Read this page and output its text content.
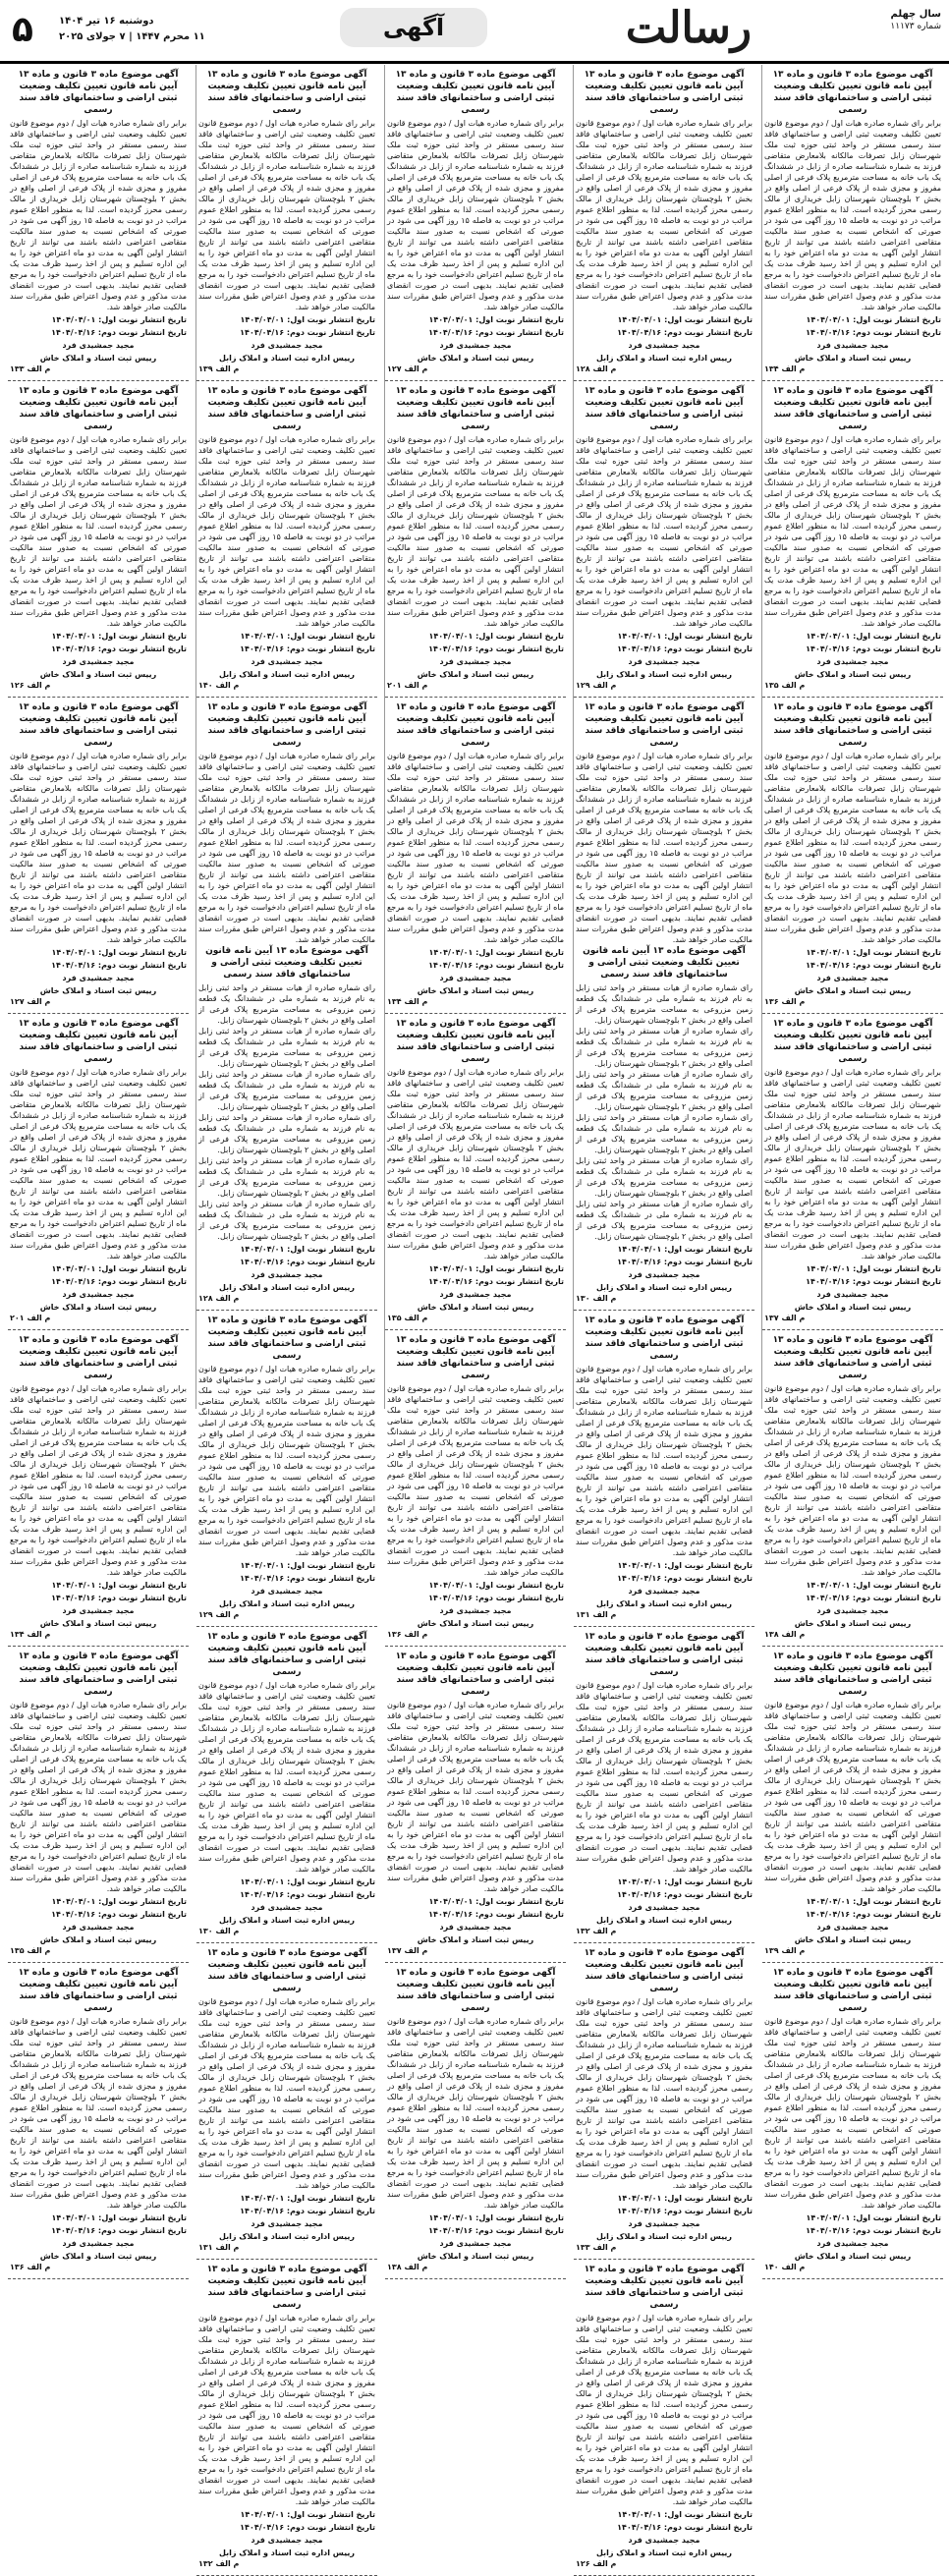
سال چهلم
شماره ۱۱۱۷۳
رسالت
آگهی
۵	دوشنبه ۱۶ تیر ۱۴۰۴
۱۱ محرم ۱۴۴۷ | ۷ جولای ۲۰۲۵
آگهی موضوع ماده ۳ قانون و ماده ۱۳ آیین نامه قانون تعیین تکلیف وضعیت ثبتی اراضی و ساختمانهای فاقد سند رسمی
برابر رای شماره صادره هیات اول / دوم موضوع قانون تعیین تکلیف وضعیت ثبتی اراضی و ساختمانهای فاقد سند رسمی مستقر در واحد ثبتی حوزه ثبت ملک شهرستان زابل تصرفات مالکانه بلامعارض متقاضی فرزند به شماره شناسنامه صادره از زابل در ششدانگ یک باب خانه به مساحت مترمربع پلاک فرعی از اصلی مفروز و مجزی شده از پلاک فرعی از اصلی واقع در بخش ۲ بلوچستان شهرستان زابل خریداری از مالک رسمی محرز گردیده است. لذا به منظور اطلاع عموم مراتب در دو نوبت به فاصله ۱۵ روز آگهی می شود در صورتی که اشخاص نسبت به صدور سند مالکیت متقاضی اعتراضی داشته باشند می توانند از تاریخ انتشار اولین آگهی به مدت دو ماه اعتراض خود را به این اداره تسلیم و پس از اخذ رسید ظرف مدت یک ماه از تاریخ تسلیم اعتراض دادخواست خود را به مرجع قضایی تقدیم نمایند. بدیهی است در صورت انقضای مدت مذکور و عدم وصول اعتراض طبق مقررات سند مالکیت صادر خواهد شد.
تاریخ انتشار نوبت اول: ۱۴۰۴/۰۴/۰۱
تاریخ انتشار نوبت دوم: ۱۴۰۴/۰۴/۱۶
مجید جمشیدی فرد
رییس ثبت اسناد و املاک خاش
م الف ۱۳۴
آگهی موضوع ماده ۳ قانون و ماده ۱۳ آیین نامه قانون تعیین تکلیف وضعیت ثبتی اراضی و ساختمانهای فاقد سند رسمی
برابر رای شماره صادره هیات اول / دوم موضوع قانون تعیین تکلیف وضعیت ثبتی اراضی و ساختمانهای فاقد سند رسمی مستقر در واحد ثبتی حوزه ثبت ملک شهرستان زابل تصرفات مالکانه بلامعارض متقاضی فرزند به شماره شناسنامه صادره از زابل در ششدانگ یک باب خانه به مساحت مترمربع پلاک فرعی از اصلی مفروز و مجزی شده از پلاک فرعی از اصلی واقع در بخش ۲ بلوچستان شهرستان زابل خریداری از مالک رسمی محرز گردیده است. لذا به منظور اطلاع عموم مراتب در دو نوبت به فاصله ۱۵ روز آگهی می شود در صورتی که اشخاص نسبت به صدور سند مالکیت متقاضی اعتراضی داشته باشند می توانند از تاریخ انتشار اولین آگهی به مدت دو ماه اعتراض خود را به این اداره تسلیم و پس از اخذ رسید ظرف مدت یک ماه از تاریخ تسلیم اعتراض دادخواست خود را به مرجع قضایی تقدیم نمایند. بدیهی است در صورت انقضای مدت مذکور و عدم وصول اعتراض طبق مقررات سند مالکیت صادر خواهد شد.
تاریخ انتشار نوبت اول: ۱۴۰۴/۰۴/۰۱
تاریخ انتشار نوبت دوم: ۱۴۰۴/۰۴/۱۶
مجید جمشیدی فرد
رییس ثبت اسناد و املاک خاش
م الف ۱۳۵
آگهی موضوع ماده ۳ قانون و ماده ۱۳ آیین نامه قانون تعیین تکلیف وضعیت ثبتی اراضی و ساختمانهای فاقد سند رسمی
برابر رای شماره صادره هیات اول / دوم موضوع قانون تعیین تکلیف وضعیت ثبتی اراضی و ساختمانهای فاقد سند رسمی مستقر در واحد ثبتی حوزه ثبت ملک شهرستان زابل تصرفات مالکانه بلامعارض متقاضی فرزند به شماره شناسنامه صادره از زابل در ششدانگ یک باب خانه به مساحت مترمربع پلاک فرعی از اصلی مفروز و مجزی شده از پلاک فرعی از اصلی واقع در بخش ۲ بلوچستان شهرستان زابل خریداری از مالک رسمی محرز گردیده است. لذا به منظور اطلاع عموم مراتب در دو نوبت به فاصله ۱۵ روز آگهی می شود در صورتی که اشخاص نسبت به صدور سند مالکیت متقاضی اعتراضی داشته باشند می توانند از تاریخ انتشار اولین آگهی به مدت دو ماه اعتراض خود را به این اداره تسلیم و پس از اخذ رسید ظرف مدت یک ماه از تاریخ تسلیم اعتراض دادخواست خود را به مرجع قضایی تقدیم نمایند. بدیهی است در صورت انقضای مدت مذکور و عدم وصول اعتراض طبق مقررات سند مالکیت صادر خواهد شد.
تاریخ انتشار نوبت اول: ۱۴۰۴/۰۴/۰۱
تاریخ انتشار نوبت دوم: ۱۴۰۴/۰۴/۱۶
مجید جمشیدی فرد
رییس ثبت اسناد و املاک خاش
م الف ۱۳۶
آگهی موضوع ماده ۳ قانون و ماده ۱۳ آیین نامه قانون تعیین تکلیف وضعیت ثبتی اراضی و ساختمانهای فاقد سند رسمی
برابر رای شماره صادره هیات اول / دوم موضوع قانون تعیین تکلیف وضعیت ثبتی اراضی و ساختمانهای فاقد سند رسمی مستقر در واحد ثبتی حوزه ثبت ملک شهرستان زابل تصرفات مالکانه بلامعارض متقاضی فرزند به شماره شناسنامه صادره از زابل در ششدانگ یک باب خانه به مساحت مترمربع پلاک فرعی از اصلی مفروز و مجزی شده از پلاک فرعی از اصلی واقع در بخش ۲ بلوچستان شهرستان زابل خریداری از مالک رسمی محرز گردیده است. لذا به منظور اطلاع عموم مراتب در دو نوبت به فاصله ۱۵ روز آگهی می شود در صورتی که اشخاص نسبت به صدور سند مالکیت متقاضی اعتراضی داشته باشند می توانند از تاریخ انتشار اولین آگهی به مدت دو ماه اعتراض خود را به این اداره تسلیم و پس از اخذ رسید ظرف مدت یک ماه از تاریخ تسلیم اعتراض دادخواست خود را به مرجع قضایی تقدیم نمایند. بدیهی است در صورت انقضای مدت مذکور و عدم وصول اعتراض طبق مقررات سند مالکیت صادر خواهد شد.
تاریخ انتشار نوبت اول: ۱۴۰۴/۰۴/۰۱
تاریخ انتشار نوبت دوم: ۱۴۰۴/۰۴/۱۶
مجید جمشیدی فرد
رییس ثبت اسناد و املاک خاش
م الف ۱۳۷
آگهی موضوع ماده ۳ قانون و ماده ۱۳ آیین نامه قانون تعیین تکلیف وضعیت ثبتی اراضی و ساختمانهای فاقد سند رسمی
برابر رای شماره صادره هیات اول / دوم موضوع قانون تعیین تکلیف وضعیت ثبتی اراضی و ساختمانهای فاقد سند رسمی مستقر در واحد ثبتی حوزه ثبت ملک شهرستان زابل تصرفات مالکانه بلامعارض متقاضی فرزند به شماره شناسنامه صادره از زابل در ششدانگ یک باب خانه به مساحت مترمربع پلاک فرعی از اصلی مفروز و مجزی شده از پلاک فرعی از اصلی واقع در بخش ۲ بلوچستان شهرستان زابل خریداری از مالک رسمی محرز گردیده است. لذا به منظور اطلاع عموم مراتب در دو نوبت به فاصله ۱۵ روز آگهی می شود در صورتی که اشخاص نسبت به صدور سند مالکیت متقاضی اعتراضی داشته باشند می توانند از تاریخ انتشار اولین آگهی به مدت دو ماه اعتراض خود را به این اداره تسلیم و پس از اخذ رسید ظرف مدت یک ماه از تاریخ تسلیم اعتراض دادخواست خود را به مرجع قضایی تقدیم نمایند. بدیهی است در صورت انقضای مدت مذکور و عدم وصول اعتراض طبق مقررات سند مالکیت صادر خواهد شد.
تاریخ انتشار نوبت اول: ۱۴۰۴/۰۴/۰۱
تاریخ انتشار نوبت دوم: ۱۴۰۴/۰۴/۱۶
مجید جمشیدی فرد
رییس ثبت اسناد و املاک خاش
م الف ۱۳۸
آگهی موضوع ماده ۳ قانون و ماده ۱۳ آیین نامه قانون تعیین تکلیف وضعیت ثبتی اراضی و ساختمانهای فاقد سند رسمی
برابر رای شماره صادره هیات اول / دوم موضوع قانون تعیین تکلیف وضعیت ثبتی اراضی و ساختمانهای فاقد سند رسمی مستقر در واحد ثبتی حوزه ثبت ملک شهرستان زابل تصرفات مالکانه بلامعارض متقاضی فرزند به شماره شناسنامه صادره از زابل در ششدانگ یک باب خانه به مساحت مترمربع پلاک فرعی از اصلی مفروز و مجزی شده از پلاک فرعی از اصلی واقع در بخش ۲ بلوچستان شهرستان زابل خریداری از مالک رسمی محرز گردیده است. لذا به منظور اطلاع عموم مراتب در دو نوبت به فاصله ۱۵ روز آگهی می شود در صورتی که اشخاص نسبت به صدور سند مالکیت متقاضی اعتراضی داشته باشند می توانند از تاریخ انتشار اولین آگهی به مدت دو ماه اعتراض خود را به این اداره تسلیم و پس از اخذ رسید ظرف مدت یک ماه از تاریخ تسلیم اعتراض دادخواست خود را به مرجع قضایی تقدیم نمایند. بدیهی است در صورت انقضای مدت مذکور و عدم وصول اعتراض طبق مقررات سند مالکیت صادر خواهد شد.
تاریخ انتشار نوبت اول: ۱۴۰۴/۰۴/۰۱
تاریخ انتشار نوبت دوم: ۱۴۰۴/۰۴/۱۶
مجید جمشیدی فرد
رییس ثبت اسناد و املاک خاش
م الف ۱۳۹
آگهی موضوع ماده ۳ قانون و ماده ۱۳ آیین نامه قانون تعیین تکلیف وضعیت ثبتی اراضی و ساختمانهای فاقد سند رسمی
برابر رای شماره صادره هیات اول / دوم موضوع قانون تعیین تکلیف وضعیت ثبتی اراضی و ساختمانهای فاقد سند رسمی مستقر در واحد ثبتی حوزه ثبت ملک شهرستان زابل تصرفات مالکانه بلامعارض متقاضی فرزند به شماره شناسنامه صادره از زابل در ششدانگ یک باب خانه به مساحت مترمربع پلاک فرعی از اصلی مفروز و مجزی شده از پلاک فرعی از اصلی واقع در بخش ۲ بلوچستان شهرستان زابل خریداری از مالک رسمی محرز گردیده است. لذا به منظور اطلاع عموم مراتب در دو نوبت به فاصله ۱۵ روز آگهی می شود در صورتی که اشخاص نسبت به صدور سند مالکیت متقاضی اعتراضی داشته باشند می توانند از تاریخ انتشار اولین آگهی به مدت دو ماه اعتراض خود را به این اداره تسلیم و پس از اخذ رسید ظرف مدت یک ماه از تاریخ تسلیم اعتراض دادخواست خود را به مرجع قضایی تقدیم نمایند. بدیهی است در صورت انقضای مدت مذکور و عدم وصول اعتراض طبق مقررات سند مالکیت صادر خواهد شد.
تاریخ انتشار نوبت اول: ۱۴۰۴/۰۴/۰۱
تاریخ انتشار نوبت دوم: ۱۴۰۴/۰۴/۱۶
مجید جمشیدی فرد
رییس ثبت اسناد و املاک خاش
م الف ۱۴۰
آگهی موضوع ماده ۳ قانون و ماده ۱۳ آیین نامه قانون تعیین تکلیف وضعیت ثبتی اراضی و ساختمانهای فاقد سند رسمی
برابر رای شماره صادره هیات اول / دوم موضوع قانون تعیین تکلیف وضعیت ثبتی اراضی و ساختمانهای فاقد سند رسمی مستقر در واحد ثبتی حوزه ثبت ملک شهرستان زابل تصرفات مالکانه بلامعارض متقاضی فرزند به شماره شناسنامه صادره از زابل در ششدانگ یک باب خانه به مساحت مترمربع پلاک فرعی از اصلی مفروز و مجزی شده از پلاک فرعی از اصلی واقع در بخش ۲ بلوچستان شهرستان زابل خریداری از مالک رسمی محرز گردیده است. لذا به منظور اطلاع عموم مراتب در دو نوبت به فاصله ۱۵ روز آگهی می شود در صورتی که اشخاص نسبت به صدور سند مالکیت متقاضی اعتراضی داشته باشند می توانند از تاریخ انتشار اولین آگهی به مدت دو ماه اعتراض خود را به این اداره تسلیم و پس از اخذ رسید ظرف مدت یک ماه از تاریخ تسلیم اعتراض دادخواست خود را به مرجع قضایی تقدیم نمایند. بدیهی است در صورت انقضای مدت مذکور و عدم وصول اعتراض طبق مقررات سند مالکیت صادر خواهد شد.
تاریخ انتشار نوبت اول: ۱۴۰۴/۰۴/۰۱
تاریخ انتشار نوبت دوم: ۱۴۰۴/۰۴/۱۶
مجید جمشیدی فرد
رییس اداره ثبت اسناد و املاک زابل
م الف ۱۲۸
آگهی موضوع ماده ۳ قانون و ماده ۱۳ آیین نامه قانون تعیین تکلیف وضعیت ثبتی اراضی و ساختمانهای فاقد سند رسمی
برابر رای شماره صادره هیات اول / دوم موضوع قانون تعیین تکلیف وضعیت ثبتی اراضی و ساختمانهای فاقد سند رسمی مستقر در واحد ثبتی حوزه ثبت ملک شهرستان زابل تصرفات مالکانه بلامعارض متقاضی فرزند به شماره شناسنامه صادره از زابل در ششدانگ یک باب خانه به مساحت مترمربع پلاک فرعی از اصلی مفروز و مجزی شده از پلاک فرعی از اصلی واقع در بخش ۲ بلوچستان شهرستان زابل خریداری از مالک رسمی محرز گردیده است. لذا به منظور اطلاع عموم مراتب در دو نوبت به فاصله ۱۵ روز آگهی می شود در صورتی که اشخاص نسبت به صدور سند مالکیت متقاضی اعتراضی داشته باشند می توانند از تاریخ انتشار اولین آگهی به مدت دو ماه اعتراض خود را به این اداره تسلیم و پس از اخذ رسید ظرف مدت یک ماه از تاریخ تسلیم اعتراض دادخواست خود را به مرجع قضایی تقدیم نمایند. بدیهی است در صورت انقضای مدت مذکور و عدم وصول اعتراض طبق مقررات سند مالکیت صادر خواهد شد.
تاریخ انتشار نوبت اول: ۱۴۰۴/۰۴/۰۱
تاریخ انتشار نوبت دوم: ۱۴۰۴/۰۴/۱۶
مجید جمشیدی فرد
رییس اداره ثبت اسناد و املاک زابل
م الف ۱۲۹
آگهی موضوع ماده ۳ قانون و ماده ۱۳ آیین نامه قانون تعیین تکلیف وضعیت ثبتی اراضی و ساختمانهای فاقد سند رسمی
برابر رای شماره صادره هیات اول / دوم موضوع قانون تعیین تکلیف وضعیت ثبتی اراضی و ساختمانهای فاقد سند رسمی مستقر در واحد ثبتی حوزه ثبت ملک شهرستان زابل تصرفات مالکانه بلامعارض متقاضی فرزند به شماره شناسنامه صادره از زابل در ششدانگ یک باب خانه به مساحت مترمربع پلاک فرعی از اصلی مفروز و مجزی شده از پلاک فرعی از اصلی واقع در بخش ۲ بلوچستان شهرستان زابل خریداری از مالک رسمی محرز گردیده است. لذا به منظور اطلاع عموم مراتب در دو نوبت به فاصله ۱۵ روز آگهی می شود در صورتی که اشخاص نسبت به صدور سند مالکیت متقاضی اعتراضی داشته باشند می توانند از تاریخ انتشار اولین آگهی به مدت دو ماه اعتراض خود را به این اداره تسلیم و پس از اخذ رسید ظرف مدت یک ماه از تاریخ تسلیم اعتراض دادخواست خود را به مرجع قضایی تقدیم نمایند. بدیهی است در صورت انقضای مدت مذکور و عدم وصول اعتراض طبق مقررات سند مالکیت صادر خواهد شد.
آگهی موضوع ماده ۱۳ آیین نامه قانون تعیین تکلیف وضعیت ثبتی اراضی و ساختمانهای فاقد سند رسمی
رای شماره صادره از هیات مستقر در واحد ثبتی زابل به نام فرزند به شماره ملی در ششدانگ یک قطعه زمین مزروعی به مساحت مترمربع پلاک فرعی از اصلی واقع در بخش ۲ بلوچستان شهرستان زابل.
رای شماره صادره از هیات مستقر در واحد ثبتی زابل به نام فرزند به شماره ملی در ششدانگ یک قطعه زمین مزروعی به مساحت مترمربع پلاک فرعی از اصلی واقع در بخش ۲ بلوچستان شهرستان زابل.
رای شماره صادره از هیات مستقر در واحد ثبتی زابل به نام فرزند به شماره ملی در ششدانگ یک قطعه زمین مزروعی به مساحت مترمربع پلاک فرعی از اصلی واقع در بخش ۲ بلوچستان شهرستان زابل.
رای شماره صادره از هیات مستقر در واحد ثبتی زابل به نام فرزند به شماره ملی در ششدانگ یک قطعه زمین مزروعی به مساحت مترمربع پلاک فرعی از اصلی واقع در بخش ۲ بلوچستان شهرستان زابل.
رای شماره صادره از هیات مستقر در واحد ثبتی زابل به نام فرزند به شماره ملی در ششدانگ یک قطعه زمین مزروعی به مساحت مترمربع پلاک فرعی از اصلی واقع در بخش ۲ بلوچستان شهرستان زابل.
رای شماره صادره از هیات مستقر در واحد ثبتی زابل به نام فرزند به شماره ملی در ششدانگ یک قطعه زمین مزروعی به مساحت مترمربع پلاک فرعی از اصلی واقع در بخش ۲ بلوچستان شهرستان زابل.
تاریخ انتشار نوبت اول: ۱۴۰۴/۰۴/۰۱
تاریخ انتشار نوبت دوم: ۱۴۰۴/۰۴/۱۶
مجید جمشیدی فرد
رییس اداره ثبت اسناد و املاک زابل
م الف ۱۳۰
آگهی موضوع ماده ۳ قانون و ماده ۱۳ آیین نامه قانون تعیین تکلیف وضعیت ثبتی اراضی و ساختمانهای فاقد سند رسمی
برابر رای شماره صادره هیات اول / دوم موضوع قانون تعیین تکلیف وضعیت ثبتی اراضی و ساختمانهای فاقد سند رسمی مستقر در واحد ثبتی حوزه ثبت ملک شهرستان زابل تصرفات مالکانه بلامعارض متقاضی فرزند به شماره شناسنامه صادره از زابل در ششدانگ یک باب خانه به مساحت مترمربع پلاک فرعی از اصلی مفروز و مجزی شده از پلاک فرعی از اصلی واقع در بخش ۲ بلوچستان شهرستان زابل خریداری از مالک رسمی محرز گردیده است. لذا به منظور اطلاع عموم مراتب در دو نوبت به فاصله ۱۵ روز آگهی می شود در صورتی که اشخاص نسبت به صدور سند مالکیت متقاضی اعتراضی داشته باشند می توانند از تاریخ انتشار اولین آگهی به مدت دو ماه اعتراض خود را به این اداره تسلیم و پس از اخذ رسید ظرف مدت یک ماه از تاریخ تسلیم اعتراض دادخواست خود را به مرجع قضایی تقدیم نمایند. بدیهی است در صورت انقضای مدت مذکور و عدم وصول اعتراض طبق مقررات سند مالکیت صادر خواهد شد.
تاریخ انتشار نوبت اول: ۱۴۰۴/۰۴/۰۱
تاریخ انتشار نوبت دوم: ۱۴۰۴/۰۴/۱۶
مجید جمشیدی فرد
رییس اداره ثبت اسناد و املاک زابل
م الف ۱۳۱
آگهی موضوع ماده ۳ قانون و ماده ۱۳ آیین نامه قانون تعیین تکلیف وضعیت ثبتی اراضی و ساختمانهای فاقد سند رسمی
برابر رای شماره صادره هیات اول / دوم موضوع قانون تعیین تکلیف وضعیت ثبتی اراضی و ساختمانهای فاقد سند رسمی مستقر در واحد ثبتی حوزه ثبت ملک شهرستان زابل تصرفات مالکانه بلامعارض متقاضی فرزند به شماره شناسنامه صادره از زابل در ششدانگ یک باب خانه به مساحت مترمربع پلاک فرعی از اصلی مفروز و مجزی شده از پلاک فرعی از اصلی واقع در بخش ۲ بلوچستان شهرستان زابل خریداری از مالک رسمی محرز گردیده است. لذا به منظور اطلاع عموم مراتب در دو نوبت به فاصله ۱۵ روز آگهی می شود در صورتی که اشخاص نسبت به صدور سند مالکیت متقاضی اعتراضی داشته باشند می توانند از تاریخ انتشار اولین آگهی به مدت دو ماه اعتراض خود را به این اداره تسلیم و پس از اخذ رسید ظرف مدت یک ماه از تاریخ تسلیم اعتراض دادخواست خود را به مرجع قضایی تقدیم نمایند. بدیهی است در صورت انقضای مدت مذکور و عدم وصول اعتراض طبق مقررات سند مالکیت صادر خواهد شد.
تاریخ انتشار نوبت اول: ۱۴۰۴/۰۴/۰۱
تاریخ انتشار نوبت دوم: ۱۴۰۴/۰۴/۱۶
مجید جمشیدی فرد
رییس اداره ثبت اسناد و املاک زابل
م الف ۱۳۲
آگهی موضوع ماده ۳ قانون و ماده ۱۳ آیین نامه قانون تعیین تکلیف وضعیت ثبتی اراضی و ساختمانهای فاقد سند رسمی
برابر رای شماره صادره هیات اول / دوم موضوع قانون تعیین تکلیف وضعیت ثبتی اراضی و ساختمانهای فاقد سند رسمی مستقر در واحد ثبتی حوزه ثبت ملک شهرستان زابل تصرفات مالکانه بلامعارض متقاضی فرزند به شماره شناسنامه صادره از زابل در ششدانگ یک باب خانه به مساحت مترمربع پلاک فرعی از اصلی مفروز و مجزی شده از پلاک فرعی از اصلی واقع در بخش ۲ بلوچستان شهرستان زابل خریداری از مالک رسمی محرز گردیده است. لذا به منظور اطلاع عموم مراتب در دو نوبت به فاصله ۱۵ روز آگهی می شود در صورتی که اشخاص نسبت به صدور سند مالکیت متقاضی اعتراضی داشته باشند می توانند از تاریخ انتشار اولین آگهی به مدت دو ماه اعتراض خود را به این اداره تسلیم و پس از اخذ رسید ظرف مدت یک ماه از تاریخ تسلیم اعتراض دادخواست خود را به مرجع قضایی تقدیم نمایند. بدیهی است در صورت انقضای مدت مذکور و عدم وصول اعتراض طبق مقررات سند مالکیت صادر خواهد شد.
تاریخ انتشار نوبت اول: ۱۴۰۴/۰۴/۰۱
تاریخ انتشار نوبت دوم: ۱۴۰۴/۰۴/۱۶
مجید جمشیدی فرد
رییس اداره ثبت اسناد و املاک زابل
م الف ۱۳۳
آگهی موضوع ماده ۳ قانون و ماده ۱۳ آیین نامه قانون تعیین تکلیف وضعیت ثبتی اراضی و ساختمانهای فاقد سند رسمی
برابر رای شماره صادره هیات اول / دوم موضوع قانون تعیین تکلیف وضعیت ثبتی اراضی و ساختمانهای فاقد سند رسمی مستقر در واحد ثبتی حوزه ثبت ملک شهرستان زابل تصرفات مالکانه بلامعارض متقاضی فرزند به شماره شناسنامه صادره از زابل در ششدانگ یک باب خانه به مساحت مترمربع پلاک فرعی از اصلی مفروز و مجزی شده از پلاک فرعی از اصلی واقع در بخش ۲ بلوچستان شهرستان زابل خریداری از مالک رسمی محرز گردیده است. لذا به منظور اطلاع عموم مراتب در دو نوبت به فاصله ۱۵ روز آگهی می شود در صورتی که اشخاص نسبت به صدور سند مالکیت متقاضی اعتراضی داشته باشند می توانند از تاریخ انتشار اولین آگهی به مدت دو ماه اعتراض خود را به این اداره تسلیم و پس از اخذ رسید ظرف مدت یک ماه از تاریخ تسلیم اعتراض دادخواست خود را به مرجع قضایی تقدیم نمایند. بدیهی است در صورت انقضای مدت مذکور و عدم وصول اعتراض طبق مقررات سند مالکیت صادر خواهد شد.
تاریخ انتشار نوبت اول: ۱۴۰۴/۰۴/۰۱
تاریخ انتشار نوبت دوم: ۱۴۰۴/۰۴/۱۶
مجید جمشیدی فرد
رییس اداره ثبت اسناد و املاک زابل
م الف ۱۲۶
آگهی موضوع ماده ۳ قانون و ماده ۱۳ آیین نامه قانون تعیین تکلیف وضعیت ثبتی اراضی و ساختمانهای فاقد سند رسمی
برابر رای شماره صادره هیات اول / دوم موضوع قانون تعیین تکلیف وضعیت ثبتی اراضی و ساختمانهای فاقد سند رسمی مستقر در واحد ثبتی حوزه ثبت ملک شهرستان زابل تصرفات مالکانه بلامعارض متقاضی فرزند به شماره شناسنامه صادره از زابل در ششدانگ یک باب خانه به مساحت مترمربع پلاک فرعی از اصلی مفروز و مجزی شده از پلاک فرعی از اصلی واقع در بخش ۲ بلوچستان شهرستان زابل خریداری از مالک رسمی محرز گردیده است. لذا به منظور اطلاع عموم مراتب در دو نوبت به فاصله ۱۵ روز آگهی می شود در صورتی که اشخاص نسبت به صدور سند مالکیت متقاضی اعتراضی داشته باشند می توانند از تاریخ انتشار اولین آگهی به مدت دو ماه اعتراض خود را به این اداره تسلیم و پس از اخذ رسید ظرف مدت یک ماه از تاریخ تسلیم اعتراض دادخواست خود را به مرجع قضایی تقدیم نمایند. بدیهی است در صورت انقضای مدت مذکور و عدم وصول اعتراض طبق مقررات سند مالکیت صادر خواهد شد.
تاریخ انتشار نوبت اول: ۱۴۰۴/۰۴/۰۱
تاریخ انتشار نوبت دوم: ۱۴۰۴/۰۴/۱۶
مجید جمشیدی فرد
رییس ثبت اسناد و املاک خاش
م الف ۱۲۷
آگهی موضوع ماده ۳ قانون و ماده ۱۳ آیین نامه قانون تعیین تکلیف وضعیت ثبتی اراضی و ساختمانهای فاقد سند رسمی
برابر رای شماره صادره هیات اول / دوم موضوع قانون تعیین تکلیف وضعیت ثبتی اراضی و ساختمانهای فاقد سند رسمی مستقر در واحد ثبتی حوزه ثبت ملک شهرستان زابل تصرفات مالکانه بلامعارض متقاضی فرزند به شماره شناسنامه صادره از زابل در ششدانگ یک باب خانه به مساحت مترمربع پلاک فرعی از اصلی مفروز و مجزی شده از پلاک فرعی از اصلی واقع در بخش ۲ بلوچستان شهرستان زابل خریداری از مالک رسمی محرز گردیده است. لذا به منظور اطلاع عموم مراتب در دو نوبت به فاصله ۱۵ روز آگهی می شود در صورتی که اشخاص نسبت به صدور سند مالکیت متقاضی اعتراضی داشته باشند می توانند از تاریخ انتشار اولین آگهی به مدت دو ماه اعتراض خود را به این اداره تسلیم و پس از اخذ رسید ظرف مدت یک ماه از تاریخ تسلیم اعتراض دادخواست خود را به مرجع قضایی تقدیم نمایند. بدیهی است در صورت انقضای مدت مذکور و عدم وصول اعتراض طبق مقررات سند مالکیت صادر خواهد شد.
تاریخ انتشار نوبت اول: ۱۴۰۴/۰۴/۰۱
تاریخ انتشار نوبت دوم: ۱۴۰۴/۰۴/۱۶
مجید جمشیدی فرد
رییس ثبت اسناد و املاک خاش
م الف ۲۰۱
آگهی موضوع ماده ۳ قانون و ماده ۱۳ آیین نامه قانون تعیین تکلیف وضعیت ثبتی اراضی و ساختمانهای فاقد سند رسمی
برابر رای شماره صادره هیات اول / دوم موضوع قانون تعیین تکلیف وضعیت ثبتی اراضی و ساختمانهای فاقد سند رسمی مستقر در واحد ثبتی حوزه ثبت ملک شهرستان زابل تصرفات مالکانه بلامعارض متقاضی فرزند به شماره شناسنامه صادره از زابل در ششدانگ یک باب خانه به مساحت مترمربع پلاک فرعی از اصلی مفروز و مجزی شده از پلاک فرعی از اصلی واقع در بخش ۲ بلوچستان شهرستان زابل خریداری از مالک رسمی محرز گردیده است. لذا به منظور اطلاع عموم مراتب در دو نوبت به فاصله ۱۵ روز آگهی می شود در صورتی که اشخاص نسبت به صدور سند مالکیت متقاضی اعتراضی داشته باشند می توانند از تاریخ انتشار اولین آگهی به مدت دو ماه اعتراض خود را به این اداره تسلیم و پس از اخذ رسید ظرف مدت یک ماه از تاریخ تسلیم اعتراض دادخواست خود را به مرجع قضایی تقدیم نمایند. بدیهی است در صورت انقضای مدت مذکور و عدم وصول اعتراض طبق مقررات سند مالکیت صادر خواهد شد.
تاریخ انتشار نوبت اول: ۱۴۰۴/۰۴/۰۱
تاریخ انتشار نوبت دوم: ۱۴۰۴/۰۴/۱۶
مجید جمشیدی فرد
رییس ثبت اسناد و املاک خاش
م الف ۱۳۴
آگهی موضوع ماده ۳ قانون و ماده ۱۳ آیین نامه قانون تعیین تکلیف وضعیت ثبتی اراضی و ساختمانهای فاقد سند رسمی
برابر رای شماره صادره هیات اول / دوم موضوع قانون تعیین تکلیف وضعیت ثبتی اراضی و ساختمانهای فاقد سند رسمی مستقر در واحد ثبتی حوزه ثبت ملک شهرستان زابل تصرفات مالکانه بلامعارض متقاضی فرزند به شماره شناسنامه صادره از زابل در ششدانگ یک باب خانه به مساحت مترمربع پلاک فرعی از اصلی مفروز و مجزی شده از پلاک فرعی از اصلی واقع در بخش ۲ بلوچستان شهرستان زابل خریداری از مالک رسمی محرز گردیده است. لذا به منظور اطلاع عموم مراتب در دو نوبت به فاصله ۱۵ روز آگهی می شود در صورتی که اشخاص نسبت به صدور سند مالکیت متقاضی اعتراضی داشته باشند می توانند از تاریخ انتشار اولین آگهی به مدت دو ماه اعتراض خود را به این اداره تسلیم و پس از اخذ رسید ظرف مدت یک ماه از تاریخ تسلیم اعتراض دادخواست خود را به مرجع قضایی تقدیم نمایند. بدیهی است در صورت انقضای مدت مذکور و عدم وصول اعتراض طبق مقررات سند مالکیت صادر خواهد شد.
تاریخ انتشار نوبت اول: ۱۴۰۴/۰۴/۰۱
تاریخ انتشار نوبت دوم: ۱۴۰۴/۰۴/۱۶
مجید جمشیدی فرد
رییس ثبت اسناد و املاک خاش
م الف ۱۳۵
آگهی موضوع ماده ۳ قانون و ماده ۱۳ آیین نامه قانون تعیین تکلیف وضعیت ثبتی اراضی و ساختمانهای فاقد سند رسمی
برابر رای شماره صادره هیات اول / دوم موضوع قانون تعیین تکلیف وضعیت ثبتی اراضی و ساختمانهای فاقد سند رسمی مستقر در واحد ثبتی حوزه ثبت ملک شهرستان زابل تصرفات مالکانه بلامعارض متقاضی فرزند به شماره شناسنامه صادره از زابل در ششدانگ یک باب خانه به مساحت مترمربع پلاک فرعی از اصلی مفروز و مجزی شده از پلاک فرعی از اصلی واقع در بخش ۲ بلوچستان شهرستان زابل خریداری از مالک رسمی محرز گردیده است. لذا به منظور اطلاع عموم مراتب در دو نوبت به فاصله ۱۵ روز آگهی می شود در صورتی که اشخاص نسبت به صدور سند مالکیت متقاضی اعتراضی داشته باشند می توانند از تاریخ انتشار اولین آگهی به مدت دو ماه اعتراض خود را به این اداره تسلیم و پس از اخذ رسید ظرف مدت یک ماه از تاریخ تسلیم اعتراض دادخواست خود را به مرجع قضایی تقدیم نمایند. بدیهی است در صورت انقضای مدت مذکور و عدم وصول اعتراض طبق مقررات سند مالکیت صادر خواهد شد.
تاریخ انتشار نوبت اول: ۱۴۰۴/۰۴/۰۱
تاریخ انتشار نوبت دوم: ۱۴۰۴/۰۴/۱۶
مجید جمشیدی فرد
رییس ثبت اسناد و املاک خاش
م الف ۱۳۶
آگهی موضوع ماده ۳ قانون و ماده ۱۳ آیین نامه قانون تعیین تکلیف وضعیت ثبتی اراضی و ساختمانهای فاقد سند رسمی
برابر رای شماره صادره هیات اول / دوم موضوع قانون تعیین تکلیف وضعیت ثبتی اراضی و ساختمانهای فاقد سند رسمی مستقر در واحد ثبتی حوزه ثبت ملک شهرستان زابل تصرفات مالکانه بلامعارض متقاضی فرزند به شماره شناسنامه صادره از زابل در ششدانگ یک باب خانه به مساحت مترمربع پلاک فرعی از اصلی مفروز و مجزی شده از پلاک فرعی از اصلی واقع در بخش ۲ بلوچستان شهرستان زابل خریداری از مالک رسمی محرز گردیده است. لذا به منظور اطلاع عموم مراتب در دو نوبت به فاصله ۱۵ روز آگهی می شود در صورتی که اشخاص نسبت به صدور سند مالکیت متقاضی اعتراضی داشته باشند می توانند از تاریخ انتشار اولین آگهی به مدت دو ماه اعتراض خود را به این اداره تسلیم و پس از اخذ رسید ظرف مدت یک ماه از تاریخ تسلیم اعتراض دادخواست خود را به مرجع قضایی تقدیم نمایند. بدیهی است در صورت انقضای مدت مذکور و عدم وصول اعتراض طبق مقررات سند مالکیت صادر خواهد شد.
تاریخ انتشار نوبت اول: ۱۴۰۴/۰۴/۰۱
تاریخ انتشار نوبت دوم: ۱۴۰۴/۰۴/۱۶
مجید جمشیدی فرد
رییس ثبت اسناد و املاک خاش
م الف ۱۳۷
آگهی موضوع ماده ۳ قانون و ماده ۱۳ آیین نامه قانون تعیین تکلیف وضعیت ثبتی اراضی و ساختمانهای فاقد سند رسمی
برابر رای شماره صادره هیات اول / دوم موضوع قانون تعیین تکلیف وضعیت ثبتی اراضی و ساختمانهای فاقد سند رسمی مستقر در واحد ثبتی حوزه ثبت ملک شهرستان زابل تصرفات مالکانه بلامعارض متقاضی فرزند به شماره شناسنامه صادره از زابل در ششدانگ یک باب خانه به مساحت مترمربع پلاک فرعی از اصلی مفروز و مجزی شده از پلاک فرعی از اصلی واقع در بخش ۲ بلوچستان شهرستان زابل خریداری از مالک رسمی محرز گردیده است. لذا به منظور اطلاع عموم مراتب در دو نوبت به فاصله ۱۵ روز آگهی می شود در صورتی که اشخاص نسبت به صدور سند مالکیت متقاضی اعتراضی داشته باشند می توانند از تاریخ انتشار اولین آگهی به مدت دو ماه اعتراض خود را به این اداره تسلیم و پس از اخذ رسید ظرف مدت یک ماه از تاریخ تسلیم اعتراض دادخواست خود را به مرجع قضایی تقدیم نمایند. بدیهی است در صورت انقضای مدت مذکور و عدم وصول اعتراض طبق مقررات سند مالکیت صادر خواهد شد.
تاریخ انتشار نوبت اول: ۱۴۰۴/۰۴/۰۱
تاریخ انتشار نوبت دوم: ۱۴۰۴/۰۴/۱۶
مجید جمشیدی فرد
رییس ثبت اسناد و املاک خاش
م الف ۱۳۸
آگهی موضوع ماده ۳ قانون و ماده ۱۳ آیین نامه قانون تعیین تکلیف وضعیت ثبتی اراضی و ساختمانهای فاقد سند رسمی
برابر رای شماره صادره هیات اول / دوم موضوع قانون تعیین تکلیف وضعیت ثبتی اراضی و ساختمانهای فاقد سند رسمی مستقر در واحد ثبتی حوزه ثبت ملک شهرستان زابل تصرفات مالکانه بلامعارض متقاضی فرزند به شماره شناسنامه صادره از زابل در ششدانگ یک باب خانه به مساحت مترمربع پلاک فرعی از اصلی مفروز و مجزی شده از پلاک فرعی از اصلی واقع در بخش ۲ بلوچستان شهرستان زابل خریداری از مالک رسمی محرز گردیده است. لذا به منظور اطلاع عموم مراتب در دو نوبت به فاصله ۱۵ روز آگهی می شود در صورتی که اشخاص نسبت به صدور سند مالکیت متقاضی اعتراضی داشته باشند می توانند از تاریخ انتشار اولین آگهی به مدت دو ماه اعتراض خود را به این اداره تسلیم و پس از اخذ رسید ظرف مدت یک ماه از تاریخ تسلیم اعتراض دادخواست خود را به مرجع قضایی تقدیم نمایند. بدیهی است در صورت انقضای مدت مذکور و عدم وصول اعتراض طبق مقررات سند مالکیت صادر خواهد شد.
تاریخ انتشار نوبت اول: ۱۴۰۴/۰۴/۰۱
تاریخ انتشار نوبت دوم: ۱۴۰۴/۰۴/۱۶
مجید جمشیدی فرد
رییس اداره ثبت اسناد و املاک زابل
م الف ۱۳۹
آگهی موضوع ماده ۳ قانون و ماده ۱۳ آیین نامه قانون تعیین تکلیف وضعیت ثبتی اراضی و ساختمانهای فاقد سند رسمی
برابر رای شماره صادره هیات اول / دوم موضوع قانون تعیین تکلیف وضعیت ثبتی اراضی و ساختمانهای فاقد سند رسمی مستقر در واحد ثبتی حوزه ثبت ملک شهرستان زابل تصرفات مالکانه بلامعارض متقاضی فرزند به شماره شناسنامه صادره از زابل در ششدانگ یک باب خانه به مساحت مترمربع پلاک فرعی از اصلی مفروز و مجزی شده از پلاک فرعی از اصلی واقع در بخش ۲ بلوچستان شهرستان زابل خریداری از مالک رسمی محرز گردیده است. لذا به منظور اطلاع عموم مراتب در دو نوبت به فاصله ۱۵ روز آگهی می شود در صورتی که اشخاص نسبت به صدور سند مالکیت متقاضی اعتراضی داشته باشند می توانند از تاریخ انتشار اولین آگهی به مدت دو ماه اعتراض خود را به این اداره تسلیم و پس از اخذ رسید ظرف مدت یک ماه از تاریخ تسلیم اعتراض دادخواست خود را به مرجع قضایی تقدیم نمایند. بدیهی است در صورت انقضای مدت مذکور و عدم وصول اعتراض طبق مقررات سند مالکیت صادر خواهد شد.
تاریخ انتشار نوبت اول: ۱۴۰۴/۰۴/۰۱
تاریخ انتشار نوبت دوم: ۱۴۰۴/۰۴/۱۶
مجید جمشیدی فرد
رییس اداره ثبت اسناد و املاک زابل
م الف ۱۴۰
آگهی موضوع ماده ۳ قانون و ماده ۱۳ آیین نامه قانون تعیین تکلیف وضعیت ثبتی اراضی و ساختمانهای فاقد سند رسمی
برابر رای شماره صادره هیات اول / دوم موضوع قانون تعیین تکلیف وضعیت ثبتی اراضی و ساختمانهای فاقد سند رسمی مستقر در واحد ثبتی حوزه ثبت ملک شهرستان زابل تصرفات مالکانه بلامعارض متقاضی فرزند به شماره شناسنامه صادره از زابل در ششدانگ یک باب خانه به مساحت مترمربع پلاک فرعی از اصلی مفروز و مجزی شده از پلاک فرعی از اصلی واقع در بخش ۲ بلوچستان شهرستان زابل خریداری از مالک رسمی محرز گردیده است. لذا به منظور اطلاع عموم مراتب در دو نوبت به فاصله ۱۵ روز آگهی می شود در صورتی که اشخاص نسبت به صدور سند مالکیت متقاضی اعتراضی داشته باشند می توانند از تاریخ انتشار اولین آگهی به مدت دو ماه اعتراض خود را به این اداره تسلیم و پس از اخذ رسید ظرف مدت یک ماه از تاریخ تسلیم اعتراض دادخواست خود را به مرجع قضایی تقدیم نمایند. بدیهی است در صورت انقضای مدت مذکور و عدم وصول اعتراض طبق مقررات سند مالکیت صادر خواهد شد.
آگهی موضوع ماده ۱۳ آیین نامه قانون تعیین تکلیف وضعیت ثبتی اراضی و ساختمانهای فاقد سند رسمی
رای شماره صادره از هیات مستقر در واحد ثبتی زابل به نام فرزند به شماره ملی در ششدانگ یک قطعه زمین مزروعی به مساحت مترمربع پلاک فرعی از اصلی واقع در بخش ۲ بلوچستان شهرستان زابل.
رای شماره صادره از هیات مستقر در واحد ثبتی زابل به نام فرزند به شماره ملی در ششدانگ یک قطعه زمین مزروعی به مساحت مترمربع پلاک فرعی از اصلی واقع در بخش ۲ بلوچستان شهرستان زابل.
رای شماره صادره از هیات مستقر در واحد ثبتی زابل به نام فرزند به شماره ملی در ششدانگ یک قطعه زمین مزروعی به مساحت مترمربع پلاک فرعی از اصلی واقع در بخش ۲ بلوچستان شهرستان زابل.
رای شماره صادره از هیات مستقر در واحد ثبتی زابل به نام فرزند به شماره ملی در ششدانگ یک قطعه زمین مزروعی به مساحت مترمربع پلاک فرعی از اصلی واقع در بخش ۲ بلوچستان شهرستان زابل.
رای شماره صادره از هیات مستقر در واحد ثبتی زابل به نام فرزند به شماره ملی در ششدانگ یک قطعه زمین مزروعی به مساحت مترمربع پلاک فرعی از اصلی واقع در بخش ۲ بلوچستان شهرستان زابل.
رای شماره صادره از هیات مستقر در واحد ثبتی زابل به نام فرزند به شماره ملی در ششدانگ یک قطعه زمین مزروعی به مساحت مترمربع پلاک فرعی از اصلی واقع در بخش ۲ بلوچستان شهرستان زابل.
تاریخ انتشار نوبت اول: ۱۴۰۴/۰۴/۰۱
تاریخ انتشار نوبت دوم: ۱۴۰۴/۰۴/۱۶
مجید جمشیدی فرد
رییس اداره ثبت اسناد و املاک زابل
م الف ۱۲۸
آگهی موضوع ماده ۳ قانون و ماده ۱۳ آیین نامه قانون تعیین تکلیف وضعیت ثبتی اراضی و ساختمانهای فاقد سند رسمی
برابر رای شماره صادره هیات اول / دوم موضوع قانون تعیین تکلیف وضعیت ثبتی اراضی و ساختمانهای فاقد سند رسمی مستقر در واحد ثبتی حوزه ثبت ملک شهرستان زابل تصرفات مالکانه بلامعارض متقاضی فرزند به شماره شناسنامه صادره از زابل در ششدانگ یک باب خانه به مساحت مترمربع پلاک فرعی از اصلی مفروز و مجزی شده از پلاک فرعی از اصلی واقع در بخش ۲ بلوچستان شهرستان زابل خریداری از مالک رسمی محرز گردیده است. لذا به منظور اطلاع عموم مراتب در دو نوبت به فاصله ۱۵ روز آگهی می شود در صورتی که اشخاص نسبت به صدور سند مالکیت متقاضی اعتراضی داشته باشند می توانند از تاریخ انتشار اولین آگهی به مدت دو ماه اعتراض خود را به این اداره تسلیم و پس از اخذ رسید ظرف مدت یک ماه از تاریخ تسلیم اعتراض دادخواست خود را به مرجع قضایی تقدیم نمایند. بدیهی است در صورت انقضای مدت مذکور و عدم وصول اعتراض طبق مقررات سند مالکیت صادر خواهد شد.
تاریخ انتشار نوبت اول: ۱۴۰۴/۰۴/۰۱
تاریخ انتشار نوبت دوم: ۱۴۰۴/۰۴/۱۶
مجید جمشیدی فرد
رییس اداره ثبت اسناد و املاک زابل
م الف ۱۲۹
آگهی موضوع ماده ۳ قانون و ماده ۱۳ آیین نامه قانون تعیین تکلیف وضعیت ثبتی اراضی و ساختمانهای فاقد سند رسمی
برابر رای شماره صادره هیات اول / دوم موضوع قانون تعیین تکلیف وضعیت ثبتی اراضی و ساختمانهای فاقد سند رسمی مستقر در واحد ثبتی حوزه ثبت ملک شهرستان زابل تصرفات مالکانه بلامعارض متقاضی فرزند به شماره شناسنامه صادره از زابل در ششدانگ یک باب خانه به مساحت مترمربع پلاک فرعی از اصلی مفروز و مجزی شده از پلاک فرعی از اصلی واقع در بخش ۲ بلوچستان شهرستان زابل خریداری از مالک رسمی محرز گردیده است. لذا به منظور اطلاع عموم مراتب در دو نوبت به فاصله ۱۵ روز آگهی می شود در صورتی که اشخاص نسبت به صدور سند مالکیت متقاضی اعتراضی داشته باشند می توانند از تاریخ انتشار اولین آگهی به مدت دو ماه اعتراض خود را به این اداره تسلیم و پس از اخذ رسید ظرف مدت یک ماه از تاریخ تسلیم اعتراض دادخواست خود را به مرجع قضایی تقدیم نمایند. بدیهی است در صورت انقضای مدت مذکور و عدم وصول اعتراض طبق مقررات سند مالکیت صادر خواهد شد.
تاریخ انتشار نوبت اول: ۱۴۰۴/۰۴/۰۱
تاریخ انتشار نوبت دوم: ۱۴۰۴/۰۴/۱۶
مجید جمشیدی فرد
رییس اداره ثبت اسناد و املاک زابل
م الف ۱۳۰
آگهی موضوع ماده ۳ قانون و ماده ۱۳ آیین نامه قانون تعیین تکلیف وضعیت ثبتی اراضی و ساختمانهای فاقد سند رسمی
برابر رای شماره صادره هیات اول / دوم موضوع قانون تعیین تکلیف وضعیت ثبتی اراضی و ساختمانهای فاقد سند رسمی مستقر در واحد ثبتی حوزه ثبت ملک شهرستان زابل تصرفات مالکانه بلامعارض متقاضی فرزند به شماره شناسنامه صادره از زابل در ششدانگ یک باب خانه به مساحت مترمربع پلاک فرعی از اصلی مفروز و مجزی شده از پلاک فرعی از اصلی واقع در بخش ۲ بلوچستان شهرستان زابل خریداری از مالک رسمی محرز گردیده است. لذا به منظور اطلاع عموم مراتب در دو نوبت به فاصله ۱۵ روز آگهی می شود در صورتی که اشخاص نسبت به صدور سند مالکیت متقاضی اعتراضی داشته باشند می توانند از تاریخ انتشار اولین آگهی به مدت دو ماه اعتراض خود را به این اداره تسلیم و پس از اخذ رسید ظرف مدت یک ماه از تاریخ تسلیم اعتراض دادخواست خود را به مرجع قضایی تقدیم نمایند. بدیهی است در صورت انقضای مدت مذکور و عدم وصول اعتراض طبق مقررات سند مالکیت صادر خواهد شد.
تاریخ انتشار نوبت اول: ۱۴۰۴/۰۴/۰۱
تاریخ انتشار نوبت دوم: ۱۴۰۴/۰۴/۱۶
مجید جمشیدی فرد
رییس اداره ثبت اسناد و املاک زابل
م الف ۱۳۱
آگهی موضوع ماده ۳ قانون و ماده ۱۳ آیین نامه قانون تعیین تکلیف وضعیت ثبتی اراضی و ساختمانهای فاقد سند رسمی
برابر رای شماره صادره هیات اول / دوم موضوع قانون تعیین تکلیف وضعیت ثبتی اراضی و ساختمانهای فاقد سند رسمی مستقر در واحد ثبتی حوزه ثبت ملک شهرستان زابل تصرفات مالکانه بلامعارض متقاضی فرزند به شماره شناسنامه صادره از زابل در ششدانگ یک باب خانه به مساحت مترمربع پلاک فرعی از اصلی مفروز و مجزی شده از پلاک فرعی از اصلی واقع در بخش ۲ بلوچستان شهرستان زابل خریداری از مالک رسمی محرز گردیده است. لذا به منظور اطلاع عموم مراتب در دو نوبت به فاصله ۱۵ روز آگهی می شود در صورتی که اشخاص نسبت به صدور سند مالکیت متقاضی اعتراضی داشته باشند می توانند از تاریخ انتشار اولین آگهی به مدت دو ماه اعتراض خود را به این اداره تسلیم و پس از اخذ رسید ظرف مدت یک ماه از تاریخ تسلیم اعتراض دادخواست خود را به مرجع قضایی تقدیم نمایند. بدیهی است در صورت انقضای مدت مذکور و عدم وصول اعتراض طبق مقررات سند مالکیت صادر خواهد شد.
تاریخ انتشار نوبت اول: ۱۴۰۴/۰۴/۰۱
تاریخ انتشار نوبت دوم: ۱۴۰۴/۰۴/۱۶
مجید جمشیدی فرد
رییس اداره ثبت اسناد و املاک زابل
م الف ۱۳۲
آگهی موضوع ماده ۳ قانون و ماده ۱۳ آیین نامه قانون تعیین تکلیف وضعیت ثبتی اراضی و ساختمانهای فاقد سند رسمی
برابر رای شماره صادره هیات اول / دوم موضوع قانون تعیین تکلیف وضعیت ثبتی اراضی و ساختمانهای فاقد سند رسمی مستقر در واحد ثبتی حوزه ثبت ملک شهرستان زابل تصرفات مالکانه بلامعارض متقاضی فرزند به شماره شناسنامه صادره از زابل در ششدانگ یک باب خانه به مساحت مترمربع پلاک فرعی از اصلی مفروز و مجزی شده از پلاک فرعی از اصلی واقع در بخش ۲ بلوچستان شهرستان زابل خریداری از مالک رسمی محرز گردیده است. لذا به منظور اطلاع عموم مراتب در دو نوبت به فاصله ۱۵ روز آگهی می شود در صورتی که اشخاص نسبت به صدور سند مالکیت متقاضی اعتراضی داشته باشند می توانند از تاریخ انتشار اولین آگهی به مدت دو ماه اعتراض خود را به این اداره تسلیم و پس از اخذ رسید ظرف مدت یک ماه از تاریخ تسلیم اعتراض دادخواست خود را به مرجع قضایی تقدیم نمایند. بدیهی است در صورت انقضای مدت مذکور و عدم وصول اعتراض طبق مقررات سند مالکیت صادر خواهد شد.
تاریخ انتشار نوبت اول: ۱۴۰۴/۰۴/۰۱
تاریخ انتشار نوبت دوم: ۱۴۰۴/۰۴/۱۶
مجید جمشیدی فرد
رییس ثبت اسناد و املاک خاش
م الف ۱۳۳
آگهی موضوع ماده ۳ قانون و ماده ۱۳ آیین نامه قانون تعیین تکلیف وضعیت ثبتی اراضی و ساختمانهای فاقد سند رسمی
برابر رای شماره صادره هیات اول / دوم موضوع قانون تعیین تکلیف وضعیت ثبتی اراضی و ساختمانهای فاقد سند رسمی مستقر در واحد ثبتی حوزه ثبت ملک شهرستان زابل تصرفات مالکانه بلامعارض متقاضی فرزند به شماره شناسنامه صادره از زابل در ششدانگ یک باب خانه به مساحت مترمربع پلاک فرعی از اصلی مفروز و مجزی شده از پلاک فرعی از اصلی واقع در بخش ۲ بلوچستان شهرستان زابل خریداری از مالک رسمی محرز گردیده است. لذا به منظور اطلاع عموم مراتب در دو نوبت به فاصله ۱۵ روز آگهی می شود در صورتی که اشخاص نسبت به صدور سند مالکیت متقاضی اعتراضی داشته باشند می توانند از تاریخ انتشار اولین آگهی به مدت دو ماه اعتراض خود را به این اداره تسلیم و پس از اخذ رسید ظرف مدت یک ماه از تاریخ تسلیم اعتراض دادخواست خود را به مرجع قضایی تقدیم نمایند. بدیهی است در صورت انقضای مدت مذکور و عدم وصول اعتراض طبق مقررات سند مالکیت صادر خواهد شد.
تاریخ انتشار نوبت اول: ۱۴۰۴/۰۴/۰۱
تاریخ انتشار نوبت دوم: ۱۴۰۴/۰۴/۱۶
مجید جمشیدی فرد
رییس ثبت اسناد و املاک خاش
م الف ۱۲۶
آگهی موضوع ماده ۳ قانون و ماده ۱۳ آیین نامه قانون تعیین تکلیف وضعیت ثبتی اراضی و ساختمانهای فاقد سند رسمی
برابر رای شماره صادره هیات اول / دوم موضوع قانون تعیین تکلیف وضعیت ثبتی اراضی و ساختمانهای فاقد سند رسمی مستقر در واحد ثبتی حوزه ثبت ملک شهرستان زابل تصرفات مالکانه بلامعارض متقاضی فرزند به شماره شناسنامه صادره از زابل در ششدانگ یک باب خانه به مساحت مترمربع پلاک فرعی از اصلی مفروز و مجزی شده از پلاک فرعی از اصلی واقع در بخش ۲ بلوچستان شهرستان زابل خریداری از مالک رسمی محرز گردیده است. لذا به منظور اطلاع عموم مراتب در دو نوبت به فاصله ۱۵ روز آگهی می شود در صورتی که اشخاص نسبت به صدور سند مالکیت متقاضی اعتراضی داشته باشند می توانند از تاریخ انتشار اولین آگهی به مدت دو ماه اعتراض خود را به این اداره تسلیم و پس از اخذ رسید ظرف مدت یک ماه از تاریخ تسلیم اعتراض دادخواست خود را به مرجع قضایی تقدیم نمایند. بدیهی است در صورت انقضای مدت مذکور و عدم وصول اعتراض طبق مقررات سند مالکیت صادر خواهد شد.
تاریخ انتشار نوبت اول: ۱۴۰۴/۰۴/۰۱
تاریخ انتشار نوبت دوم: ۱۴۰۴/۰۴/۱۶
مجید جمشیدی فرد
رییس ثبت اسناد و املاک خاش
م الف ۱۲۷
آگهی موضوع ماده ۳ قانون و ماده ۱۳ آیین نامه قانون تعیین تکلیف وضعیت ثبتی اراضی و ساختمانهای فاقد سند رسمی
برابر رای شماره صادره هیات اول / دوم موضوع قانون تعیین تکلیف وضعیت ثبتی اراضی و ساختمانهای فاقد سند رسمی مستقر در واحد ثبتی حوزه ثبت ملک شهرستان زابل تصرفات مالکانه بلامعارض متقاضی فرزند به شماره شناسنامه صادره از زابل در ششدانگ یک باب خانه به مساحت مترمربع پلاک فرعی از اصلی مفروز و مجزی شده از پلاک فرعی از اصلی واقع در بخش ۲ بلوچستان شهرستان زابل خریداری از مالک رسمی محرز گردیده است. لذا به منظور اطلاع عموم مراتب در دو نوبت به فاصله ۱۵ روز آگهی می شود در صورتی که اشخاص نسبت به صدور سند مالکیت متقاضی اعتراضی داشته باشند می توانند از تاریخ انتشار اولین آگهی به مدت دو ماه اعتراض خود را به این اداره تسلیم و پس از اخذ رسید ظرف مدت یک ماه از تاریخ تسلیم اعتراض دادخواست خود را به مرجع قضایی تقدیم نمایند. بدیهی است در صورت انقضای مدت مذکور و عدم وصول اعتراض طبق مقررات سند مالکیت صادر خواهد شد.
تاریخ انتشار نوبت اول: ۱۴۰۴/۰۴/۰۱
تاریخ انتشار نوبت دوم: ۱۴۰۴/۰۴/۱۶
مجید جمشیدی فرد
رییس ثبت اسناد و املاک خاش
م الف ۲۰۱
آگهی موضوع ماده ۳ قانون و ماده ۱۳ آیین نامه قانون تعیین تکلیف وضعیت ثبتی اراضی و ساختمانهای فاقد سند رسمی
برابر رای شماره صادره هیات اول / دوم موضوع قانون تعیین تکلیف وضعیت ثبتی اراضی و ساختمانهای فاقد سند رسمی مستقر در واحد ثبتی حوزه ثبت ملک شهرستان زابل تصرفات مالکانه بلامعارض متقاضی فرزند به شماره شناسنامه صادره از زابل در ششدانگ یک باب خانه به مساحت مترمربع پلاک فرعی از اصلی مفروز و مجزی شده از پلاک فرعی از اصلی واقع در بخش ۲ بلوچستان شهرستان زابل خریداری از مالک رسمی محرز گردیده است. لذا به منظور اطلاع عموم مراتب در دو نوبت به فاصله ۱۵ روز آگهی می شود در صورتی که اشخاص نسبت به صدور سند مالکیت متقاضی اعتراضی داشته باشند می توانند از تاریخ انتشار اولین آگهی به مدت دو ماه اعتراض خود را به این اداره تسلیم و پس از اخذ رسید ظرف مدت یک ماه از تاریخ تسلیم اعتراض دادخواست خود را به مرجع قضایی تقدیم نمایند. بدیهی است در صورت انقضای مدت مذکور و عدم وصول اعتراض طبق مقررات سند مالکیت صادر خواهد شد.
تاریخ انتشار نوبت اول: ۱۴۰۴/۰۴/۰۱
تاریخ انتشار نوبت دوم: ۱۴۰۴/۰۴/۱۶
مجید جمشیدی فرد
رییس ثبت اسناد و املاک خاش
م الف ۱۳۴
آگهی موضوع ماده ۳ قانون و ماده ۱۳ آیین نامه قانون تعیین تکلیف وضعیت ثبتی اراضی و ساختمانهای فاقد سند رسمی
برابر رای شماره صادره هیات اول / دوم موضوع قانون تعیین تکلیف وضعیت ثبتی اراضی و ساختمانهای فاقد سند رسمی مستقر در واحد ثبتی حوزه ثبت ملک شهرستان زابل تصرفات مالکانه بلامعارض متقاضی فرزند به شماره شناسنامه صادره از زابل در ششدانگ یک باب خانه به مساحت مترمربع پلاک فرعی از اصلی مفروز و مجزی شده از پلاک فرعی از اصلی واقع در بخش ۲ بلوچستان شهرستان زابل خریداری از مالک رسمی محرز گردیده است. لذا به منظور اطلاع عموم مراتب در دو نوبت به فاصله ۱۵ روز آگهی می شود در صورتی که اشخاص نسبت به صدور سند مالکیت متقاضی اعتراضی داشته باشند می توانند از تاریخ انتشار اولین آگهی به مدت دو ماه اعتراض خود را به این اداره تسلیم و پس از اخذ رسید ظرف مدت یک ماه از تاریخ تسلیم اعتراض دادخواست خود را به مرجع قضایی تقدیم نمایند. بدیهی است در صورت انقضای مدت مذکور و عدم وصول اعتراض طبق مقررات سند مالکیت صادر خواهد شد.
تاریخ انتشار نوبت اول: ۱۴۰۴/۰۴/۰۱
تاریخ انتشار نوبت دوم: ۱۴۰۴/۰۴/۱۶
مجید جمشیدی فرد
رییس ثبت اسناد و املاک خاش
م الف ۱۳۵
آگهی موضوع ماده ۳ قانون و ماده ۱۳ آیین نامه قانون تعیین تکلیف وضعیت ثبتی اراضی و ساختمانهای فاقد سند رسمی
برابر رای شماره صادره هیات اول / دوم موضوع قانون تعیین تکلیف وضعیت ثبتی اراضی و ساختمانهای فاقد سند رسمی مستقر در واحد ثبتی حوزه ثبت ملک شهرستان زابل تصرفات مالکانه بلامعارض متقاضی فرزند به شماره شناسنامه صادره از زابل در ششدانگ یک باب خانه به مساحت مترمربع پلاک فرعی از اصلی مفروز و مجزی شده از پلاک فرعی از اصلی واقع در بخش ۲ بلوچستان شهرستان زابل خریداری از مالک رسمی محرز گردیده است. لذا به منظور اطلاع عموم مراتب در دو نوبت به فاصله ۱۵ روز آگهی می شود در صورتی که اشخاص نسبت به صدور سند مالکیت متقاضی اعتراضی داشته باشند می توانند از تاریخ انتشار اولین آگهی به مدت دو ماه اعتراض خود را به این اداره تسلیم و پس از اخذ رسید ظرف مدت یک ماه از تاریخ تسلیم اعتراض دادخواست خود را به مرجع قضایی تقدیم نمایند. بدیهی است در صورت انقضای مدت مذکور و عدم وصول اعتراض طبق مقررات سند مالکیت صادر خواهد شد.
تاریخ انتشار نوبت اول: ۱۴۰۴/۰۴/۰۱
تاریخ انتشار نوبت دوم: ۱۴۰۴/۰۴/۱۶
مجید جمشیدی فرد
رییس ثبت اسناد و املاک خاش
م الف ۱۳۶
